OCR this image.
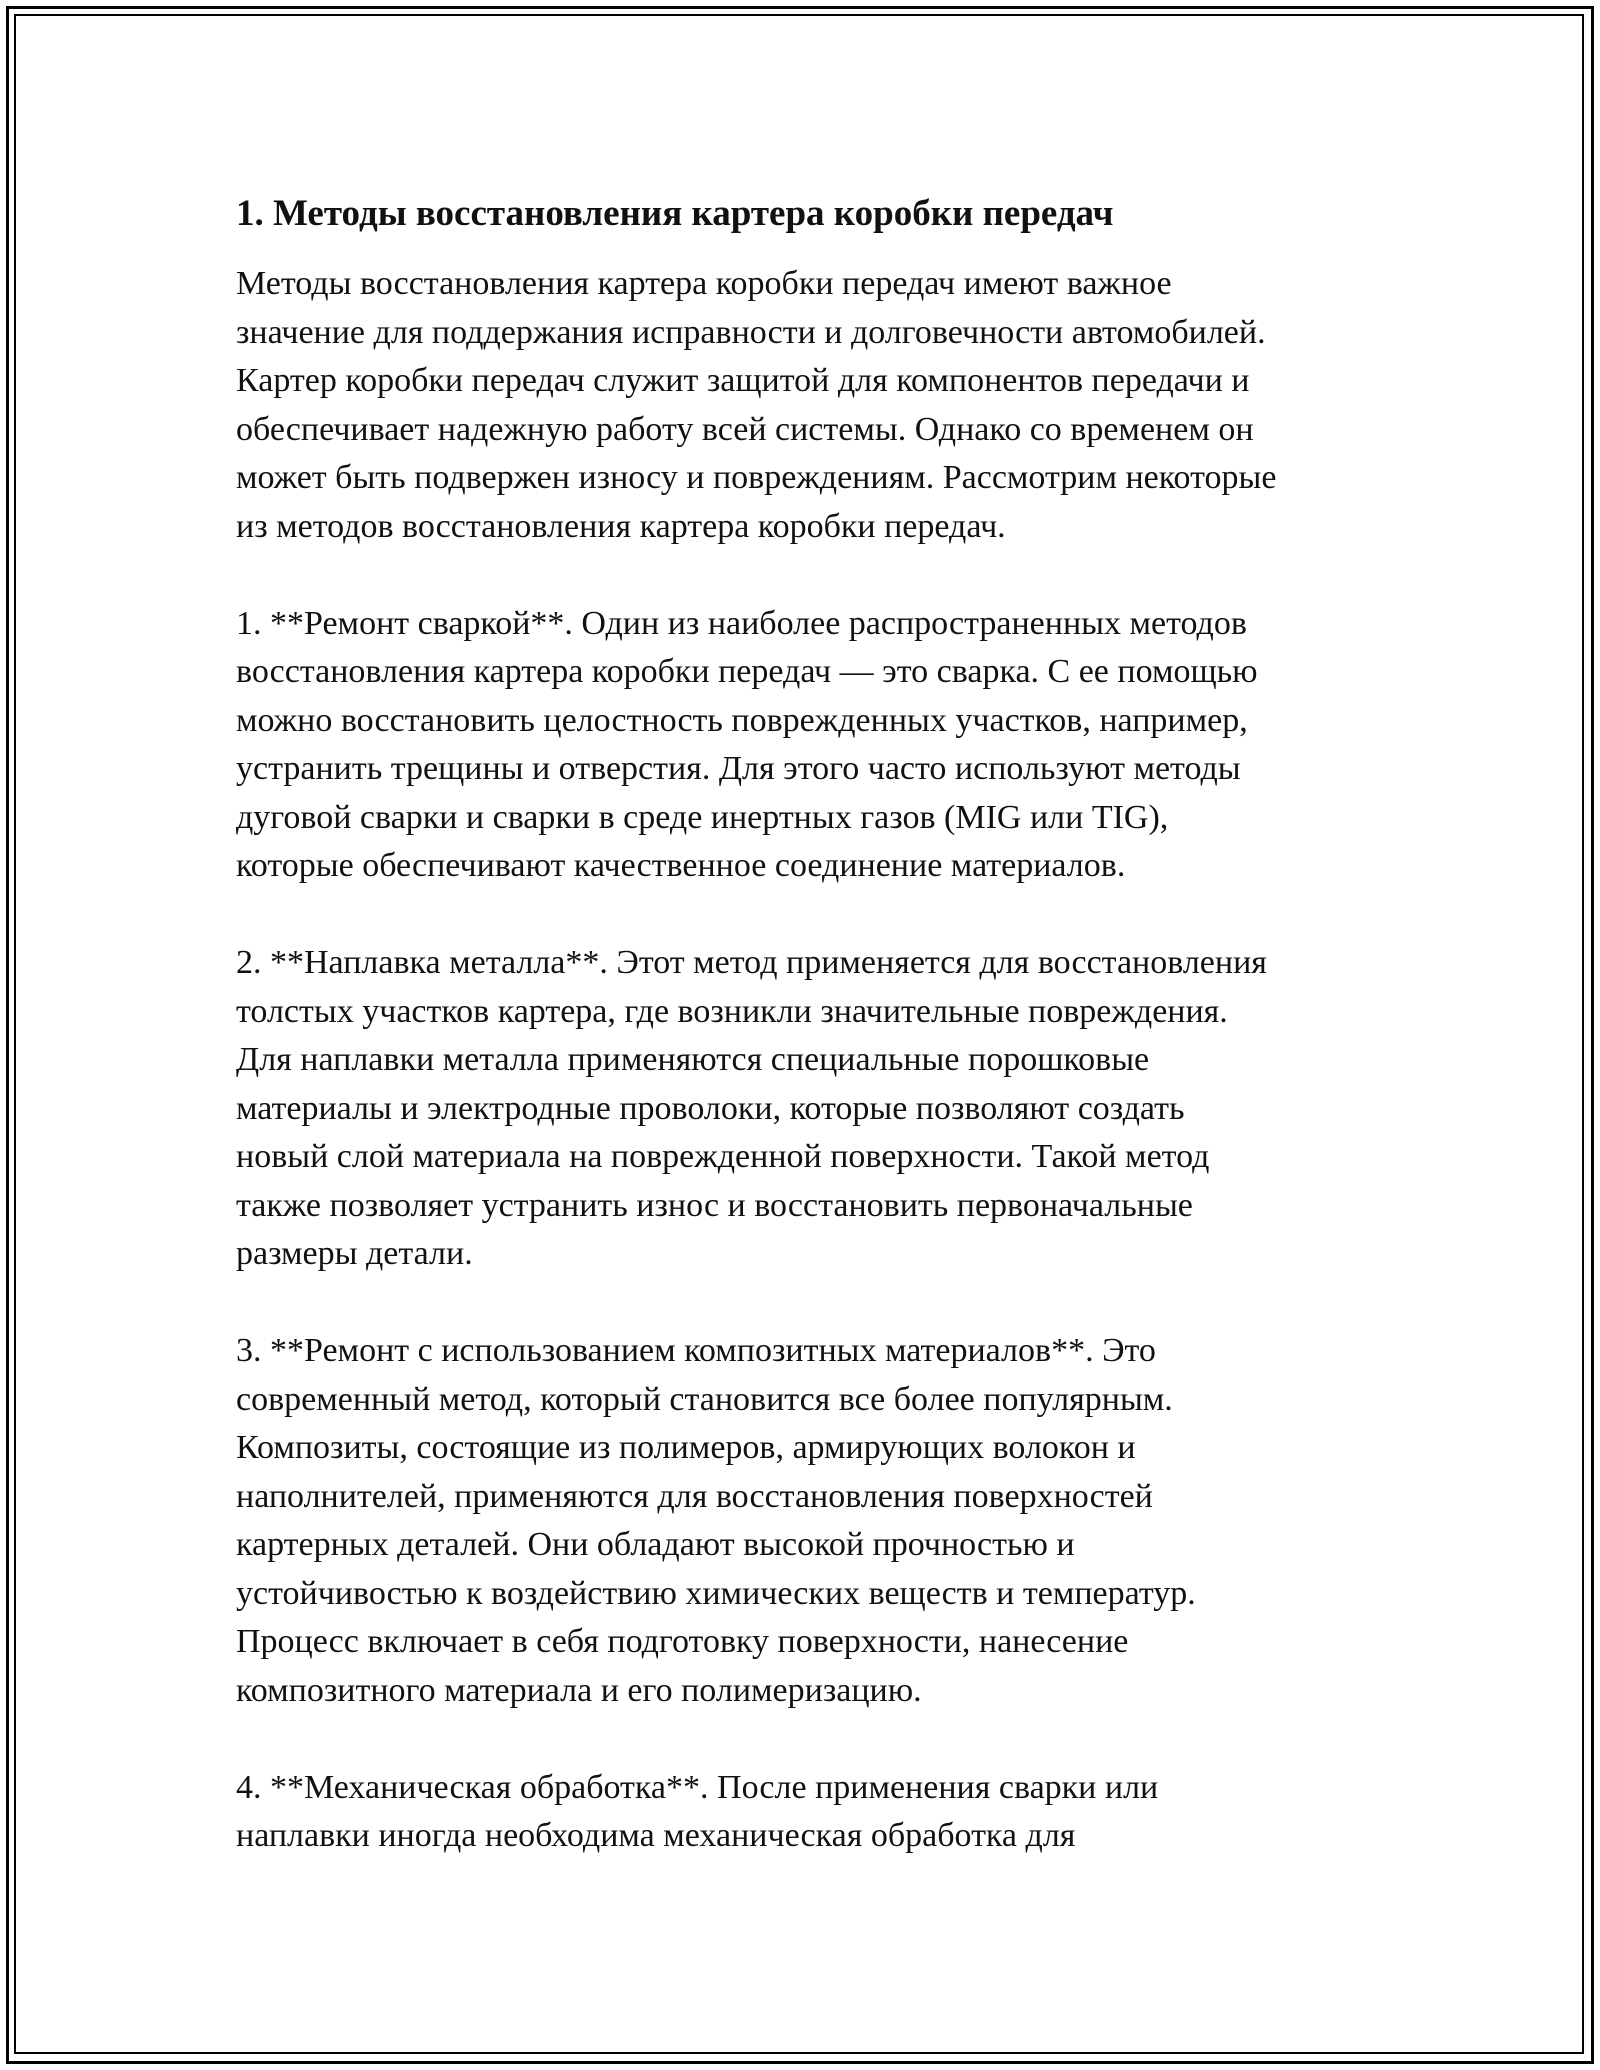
1. Методы восстановления картера коробки передач

Методы восстановления картера коробки передач имеют важное
значение для поддержания исправности и долговечности автомобилей.
Картер коробки передач служит защитой для компонентов передачи и
обеспечивает надежную работу всей системы. Однако со временем он
может быть подвержен износу и повреждениям. Рассмотрим некоторые
из методов восстановления картера коробки передач.

1. **Ремонт сваркой**. Один из наиболее распространенных методов
восстановления картера коробки передач — это сварка. С ее помощью
можно восстановить целостность поврежденных участков, например,
устранить трещины и отверстия. Для этого часто используют методы
дуговой сварки и сварки в среде инертных газов (MIG или TIG),
которые обеспечивают качественное соединение материалов.

2. **Наплавка металла**. Этот метод применяется для восстановления
толстых участков картера, где возникли значительные повреждения.
Для наплавки металла применяются специальные порошковые
материалы и электродные проволоки, которые позволяют создать
новый слой материала на поврежденной поверхности. Такой метод
также позволяет устранить износ и восстановить первоначальные
размеры детали.

3. **Ремонт с использованием композитных материалов**. Это
современный метод, который становится все более популярным.
Композиты, состоящие из полимеров, армирующих волокон и
наполнителей, применяются для восстановления поверхностей
картерных деталей. Они обладают высокой прочностью и
устойчивостью к воздействию химических веществ и температур.
Процесс включает в себя подготовку поверхности, нанесение
композитного материала и его полимеризацию.

4. **Механическая обработка**. После применения сварки или
наплавки иногда необходима механическая обработка для
